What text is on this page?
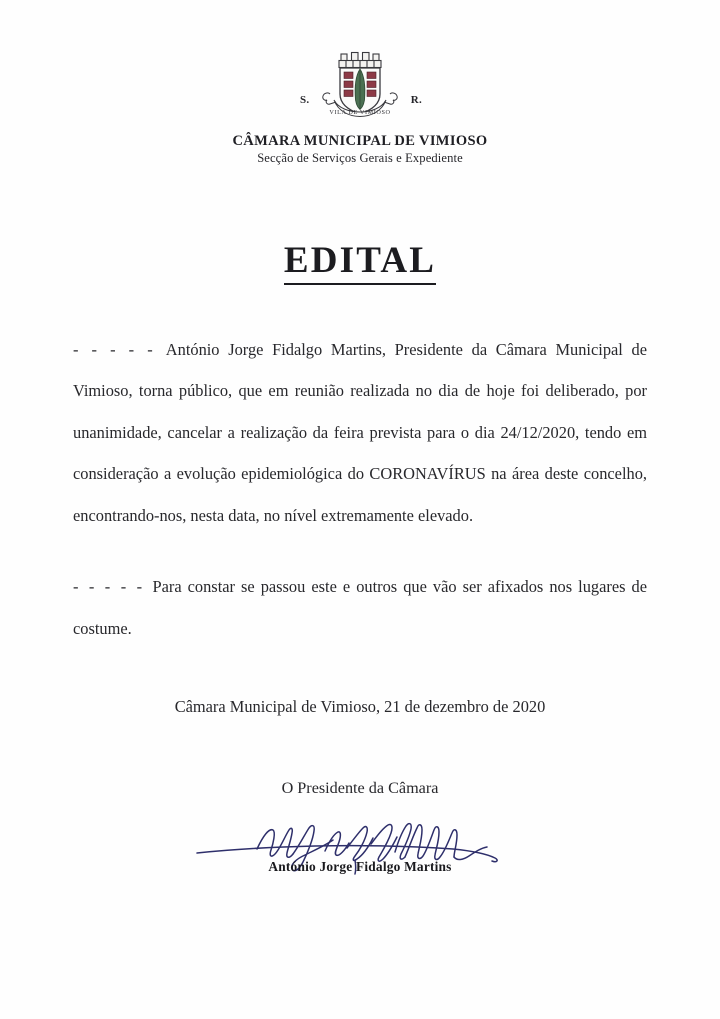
VILA DE VIMIOSO
S.	R.
CÂMARA MUNICIPAL DE VIMIOSO
Secção de Serviços Gerais e Expediente
EDITAL

- - - - - António Jorge Fidalgo Martins, Presidente da Câmara Municipal de Vimioso, torna público, que em reunião realizada no dia de hoje foi deliberado, por unanimidade, cancelar a realização da feira prevista para o dia 24/12/2020, tendo em consideração a evolução epidemiológica do CORONAVÍRUS na área deste concelho, encontrando-nos, nesta data, no nível extremamente elevado.

- - - - - Para constar se passou este e outros que vão ser afixados nos lugares de costume.

Câmara Municipal de Vimioso, 21 de dezembro de 2020
O Presidente da Câmara
António Jorge Fidalgo Martins
